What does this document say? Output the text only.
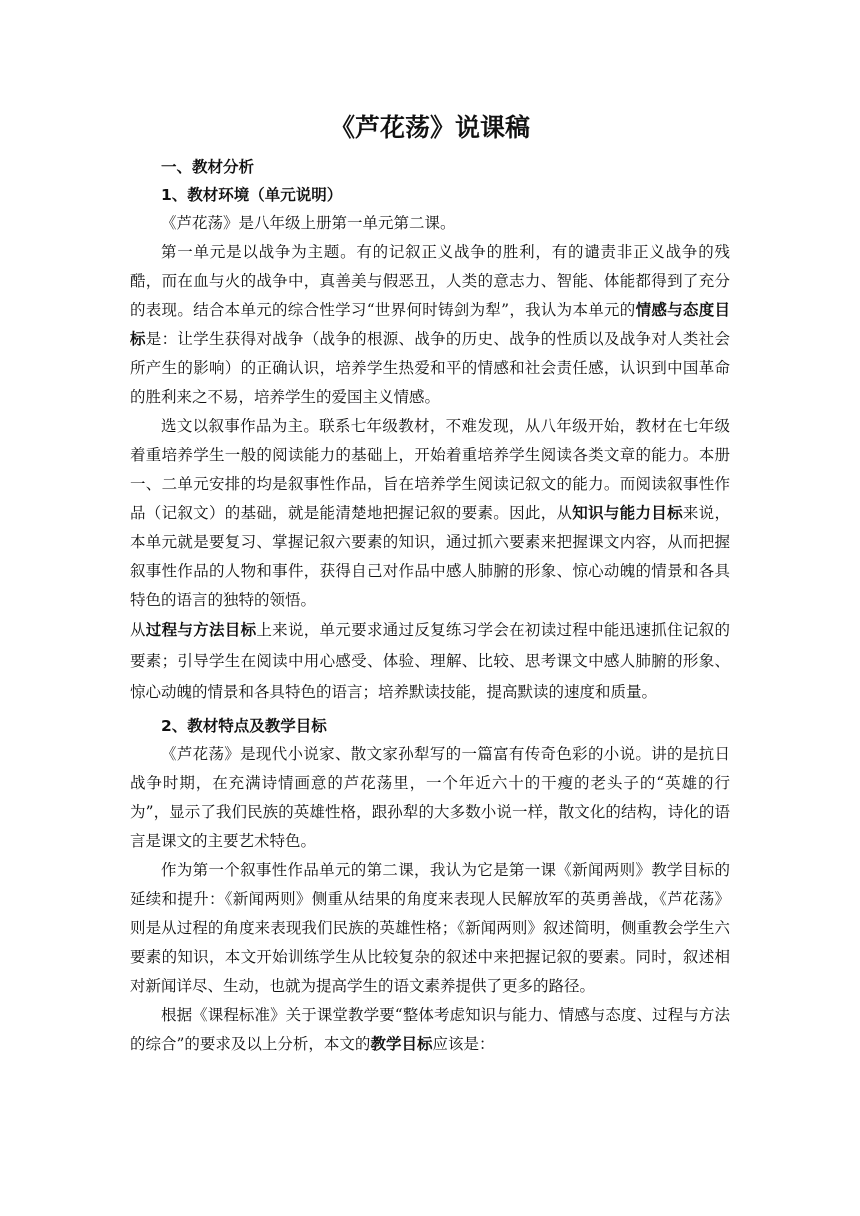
《芦花荡》说课稿

一、教材分析

1、教材环境（单元说明）

《芦花荡》是八年级上册第一单元第二课。

第一单元是以战争为主题。有的记叙正义战争的胜利，有的谴责非正义战争的残酷，而在血与火的战争中，真善美与假恶丑，人类的意志力、智能、体能都得到了充分的表现。结合本单元的综合性学习“世界何时铸剑为犁”，我认为本单元的情感与态度目标是：让学生获得对战争（战争的根源、战争的历史、战争的性质以及战争对人类社会所产生的影响）的正确认识，培养学生热爱和平的情感和社会责任感，认识到中国革命的胜利来之不易，培养学生的爱国主义情感。

选文以叙事作品为主。联系七年级教材，不难发现，从八年级开始，教材在七年级着重培养学生一般的阅读能力的基础上，开始着重培养学生阅读各类文章的能力。本册一、二单元安排的均是叙事性作品，旨在培养学生阅读记叙文的能力。而阅读叙事性作品（记叙文）的基础，就是能清楚地把握记叙的要素。因此，从知识与能力目标来说，本单元就是要复习、掌握记叙六要素的知识，通过抓六要素来把握课文内容，从而把握叙事性作品的人物和事件，获得自己对作品中感人肺腑的形象、惊心动魄的情景和各具特色的语言的独特的领悟。

从过程与方法目标上来说，单元要求通过反复练习学会在初读过程中能迅速抓住记叙的要素；引导学生在阅读中用心感受、体验、理解、比较、思考课文中感人肺腑的形象、惊心动魄的情景和各具特色的语言；培养默读技能，提高默读的速度和质量。

2、教材特点及教学目标

《芦花荡》是现代小说家、散文家孙犁写的一篇富有传奇色彩的小说。讲的是抗日战争时期，在充满诗情画意的芦花荡里，一个年近六十的干瘦的老头子的“英雄的行为”，显示了我们民族的英雄性格，跟孙犁的大多数小说一样，散文化的结构，诗化的语言是课文的主要艺术特色。

作为第一个叙事性作品单元的第二课，我认为它是第一课《新闻两则》教学目标的延续和提升：《新闻两则》侧重从结果的角度来表现人民解放军的英勇善战，《芦花荡》则是从过程的角度来表现我们民族的英雄性格；《新闻两则》叙述简明，侧重教会学生六要素的知识，本文开始训练学生从比较复杂的叙述中来把握记叙的要素。同时，叙述相对新闻详尽、生动，也就为提高学生的语文素养提供了更多的路径。

根据《课程标准》关于课堂教学要“整体考虑知识与能力、情感与态度、过程与方法的综合”的要求及以上分析，本文的教学目标应该是：
